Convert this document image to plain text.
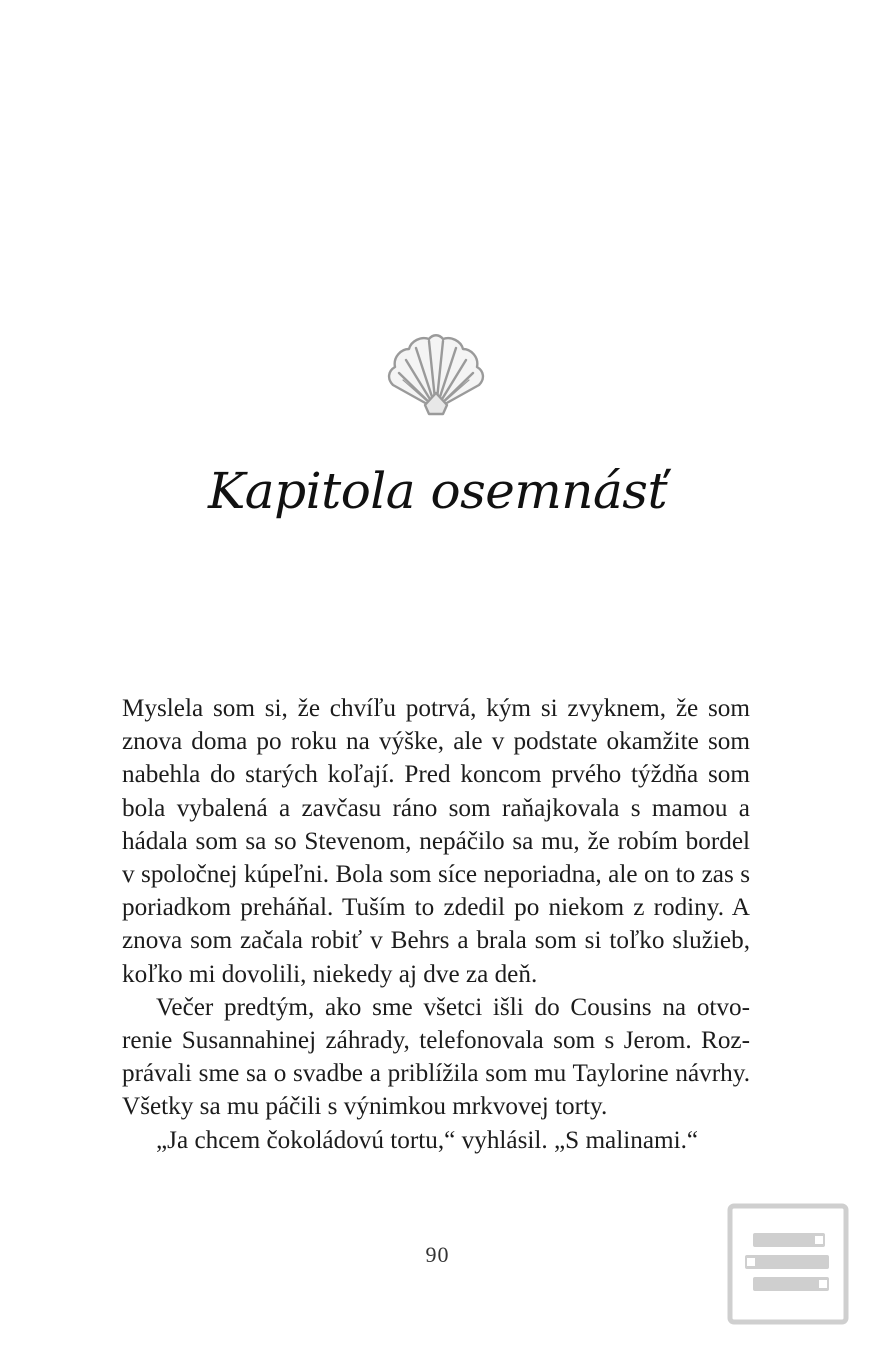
Kapitola osemnásť

Myslela som si, že chvíľu potrvá, kým si zvyknem, že som znova doma po roku na výške, ale v podstate okamžite som nabehla do starých koľají. Pred koncom prvého týždňa som bola vybalená a zavčasu ráno som raňajkovala s mamou a hádala som sa so Stevenom, nepáčilo sa mu, že robím bordel v spoločnej kúpeľni. Bola som síce neporiadna, ale on to zas s poriadkom preháňal. Tuším to zdedil po niekom z rodiny. A znova som začala robiť v Behrs a brala som si toľko služieb, koľko mi dovolili, niekedy aj dve za deň.

Večer predtým, ako sme všetci išli do Cousins na otvorenie Susannahinej záhrady, telefonovala som s Jerom. Rozprávali sme sa o svadbe a priblížila som mu Taylorine návrhy. Všetky sa mu páčili s výnimkou mrkvovej torty.

„Ja chcem čokoládovú tortu,“ vyhlásil. „S malinami.“

90
